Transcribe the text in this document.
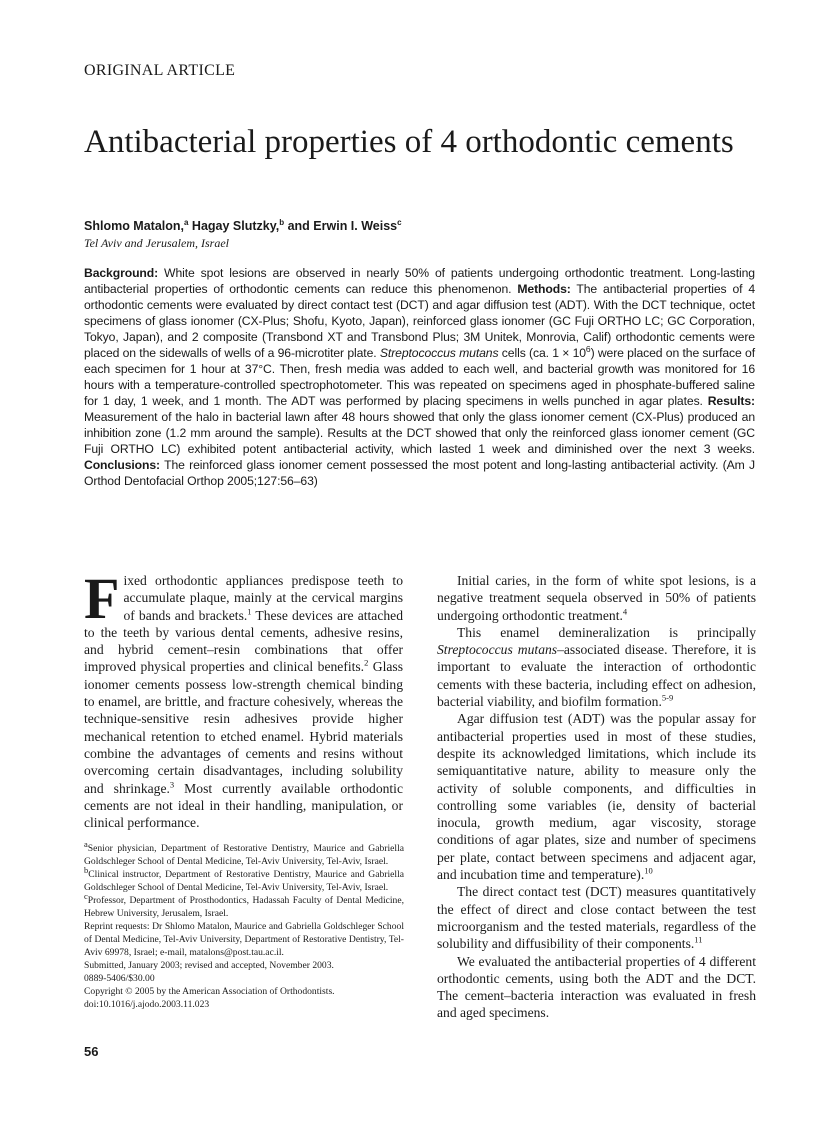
ORIGINAL ARTICLE
Antibacterial properties of 4 orthodontic cements
Shlomo Matalon,$^a$ Hagay Slutzky,$^b$ and Erwin I. Weiss$^c$
Tel Aviv and Jerusalem, Israel
Background: White spot lesions are observed in nearly 50% of patients undergoing orthodontic treatment. Long-lasting antibacterial properties of orthodontic cements can reduce this phenomenon. Methods: The antibacterial properties of 4 orthodontic cements were evaluated by direct contact test (DCT) and agar diffusion test (ADT). With the DCT technique, octet specimens of glass ionomer (CX-Plus; Shofu, Kyoto, Japan), reinforced glass ionomer (GC Fuji ORTHO LC; GC Corporation, Tokyo, Japan), and 2 composite (Transbond XT and Transbond Plus; 3M Unitek, Monrovia, Calif) orthodontic cements were placed on the sidewalls of wells of a 96-microtiter plate. Streptococcus mutans cells (ca. $1 \times 10^6$) were placed on the surface of each specimen for 1 hour at 37°C. Then, fresh media was added to each well, and bacterial growth was monitored for 16 hours with a temperature-controlled spectrophotometer. This was repeated on specimens aged in phosphate-buffered saline for 1 day, 1 week, and 1 month. The ADT was performed by placing specimens in wells punched in agar plates. Results: Measurement of the halo in bacterial lawn after 48 hours showed that only the glass ionomer cement (CX-Plus) produced an inhibition zone (1.2 mm around the sample). Results at the DCT showed that only the reinforced glass ionomer cement (GC Fuji ORTHO LC) exhibited potent antibacterial activity, which lasted 1 week and diminished over the next 3 weeks. Conclusions: The reinforced glass ionomer cement possessed the most potent and long-lasting antibacterial activity. (Am J Orthod Dentofacial Orthop 2005;127:56–63)

Fixed orthodontic appliances predispose teeth to accumulate plaque, mainly at the cervical margins of bands and brackets.$^1$ These devices are attached to the teeth by various dental cements, adhesive resins, and hybrid cement–resin combinations that offer improved physical properties and clinical benefits.$^2$ Glass ionomer cements possess low-strength chemical binding to enamel, are brittle, and fracture cohesively, whereas the technique-sensitive resin adhesives provide higher mechanical retention to etched enamel. Hybrid materials combine the advantages of cements and resins without overcoming certain disadvantages, including solubility and shrinkage.$^3$ Most currently available orthodontic cements are not ideal in their handling, manipulation, or clinical performance.

Initial caries, in the form of white spot lesions, is a negative treatment sequela observed in 50% of patients undergoing orthodontic treatment.$^4$

This enamel demineralization is principally Streptococcus mutans–associated disease. Therefore, it is important to evaluate the interaction of orthodontic cements with these bacteria, including effect on adhesion, bacterial viability, and biofilm formation.$^{5-9}$

Agar diffusion test (ADT) was the popular assay for antibacterial properties used in most of these studies, despite its acknowledged limitations, which include its semiquantitative nature, ability to measure only the activity of soluble components, and difficulties in controlling some variables (ie, density of bacterial inocula, growth medium, agar viscosity, storage conditions of agar plates, size and number of specimens per plate, contact between specimens and adjacent agar, and incubation time and temperature).$^{10}$

The direct contact test (DCT) measures quantitatively the effect of direct and close contact between the test microorganism and the tested materials, regardless of the solubility and diffusibility of their components.$^{11}$

We evaluated the antibacterial properties of 4 different orthodontic cements, using both the ADT and the DCT. The cement–bacteria interaction was evaluated in fresh and aged specimens.

$^a$Senior physician, Department of Restorative Dentistry, Maurice and Gabriella Goldschleger School of Dental Medicine, Tel-Aviv University, Tel-Aviv, Israel.
$^b$Clinical instructor, Department of Restorative Dentistry, Maurice and Gabriella Goldschleger School of Dental Medicine, Tel-Aviv University, Tel-Aviv, Israel.
$^c$Professor, Department of Prosthodontics, Hadassah Faculty of Dental Medicine, Hebrew University, Jerusalem, Israel.
Reprint requests: Dr Shlomo Matalon, Maurice and Gabriella Goldschleger School of Dental Medicine, Tel-Aviv University, Department of Restorative Dentistry, Tel-Aviv 69978, Israel; e-mail, matalons@post.tau.ac.il.
Submitted, January 2003; revised and accepted, November 2003.
0889-5406/$30.00
Copyright © 2005 by the American Association of Orthodontists.
doi:10.1016/j.ajodo.2003.11.023
56
